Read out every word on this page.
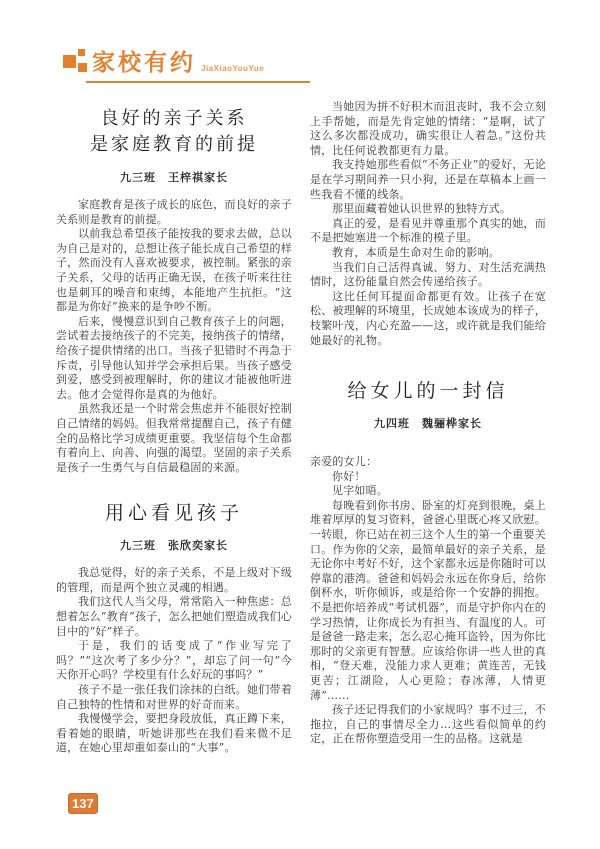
家校有约 JiaXiaoYouYue
良好的亲子关系
是家庭教育的前提
九三班　王梓祺家长

家庭教育是孩子成长的底色，而良好的亲子关系则是教育的前提。

以前我总希望孩子能按我的要求去做，总以为自己是对的，总想让孩子能长成自己希望的样子，然而没有人喜欢被要求，被控制。紧张的亲子关系，父母的话再正确无误，在孩子听来往往也是刺耳的噪音和束缚，本能地产生抗拒。“这都是为你好”换来的是争吵不断。

后来，慢慢意识到自己教育孩子上的问题，尝试着去接纳孩子的不完美，接纳孩子的情绪，给孩子提供情绪的出口。当孩子犯错时不再急于斥责，引导他认知并学会承担后果。当孩子感受到爱，感受到被理解时，你的建议才能被他听进去。他才会觉得你是真的为他好。

虽然我还是一个时常会焦虑并不能很好控制自己情绪的妈妈。但我常常提醒自己，孩子有健全的品格比学习成绩更重要。我坚信每个生命都有着向上、向善、向强的渴望。坚固的亲子关系是孩子一生勇气与自信最稳固的来源。

用心看见孩子
九三班　张欣奕家长

我总觉得，好的亲子关系，不是上级对下级的管理，而是两个独立灵魂的相遇。

我们这代人当父母，常常陷入一种焦虑：总想着怎么“教育”孩子，怎么把她们塑造成我们心目中的“好”样子。

于是，我们的话变成了“作业写完了吗？”“这次考了多少分？”，却忘了问一句“今天你开心吗？学校里有什么好玩的事吗？”

孩子不是一张任我们涂抹的白纸。她们带着自己独特的性情和对世界的好奇而来。

我慢慢学会，要把身段放低，真正蹲下来，看着她的眼睛，听她讲那些在我们看来微不足道，在她心里却重如泰山的“大事”。

当她因为拼不好积木而沮丧时，我不会立刻上手帮她，而是先肯定她的情绪：“是啊，试了这么多次都没成功，确实很让人着急。”这份共情，比任何说教都更有力量。

我支持她那些看似“不务正业”的爱好，无论是在学习期间养一只小狗，还是在草稿本上画一些我看不懂的线条。

那里面藏着她认识世界的独特方式。

真正的爱，是看见并尊重那个真实的她，而不是把她塞进一个标准的模子里。

教育，本质是生命对生命的影响。

当我们自己活得真诚、努力、对生活充满热情时，这份能量自然会传递给孩子。

这比任何耳提面命都更有效。让孩子在宽松、被理解的环境里，长成她本该成为的样子，枝繁叶茂，内心充盈——这，或许就是我们能给她最好的礼物。

给女儿的一封信
九四班　魏骊桦家长

亲爱的女儿：

你好！

见字如晤。

每晚看到你书房、卧室的灯亮到很晚，桌上堆着厚厚的复习资料，爸爸心里既心疼又欣慰。一转眼，你已站在初三这个人生的第一个重要关口。作为你的父亲，最简单最好的亲子关系，是无论你中考好不好，这个家都永远是你随时可以停靠的港湾。爸爸和妈妈会永远在你身后，给你倒杯水，听你倾诉，或是给你一个安静的拥抱。不是把你培养成“考试机器”，而是守护你内在的学习热情，让你成长为有担当、有温度的人。可是爸爸一路走来，怎么忍心掩耳盗铃，因为你比那时的父亲更有智慧。应该给你讲一些人世的真相，“登天难，没能力求人更难；黄连苦，无钱更苦；江湖险，人心更险；春冰薄，人情更薄”……

孩子还记得我们的小家规吗？事不过三，不拖拉，自己的事情尽全力…这些看似简单的约定，正在帮你塑造受用一生的品格。这就是

137
